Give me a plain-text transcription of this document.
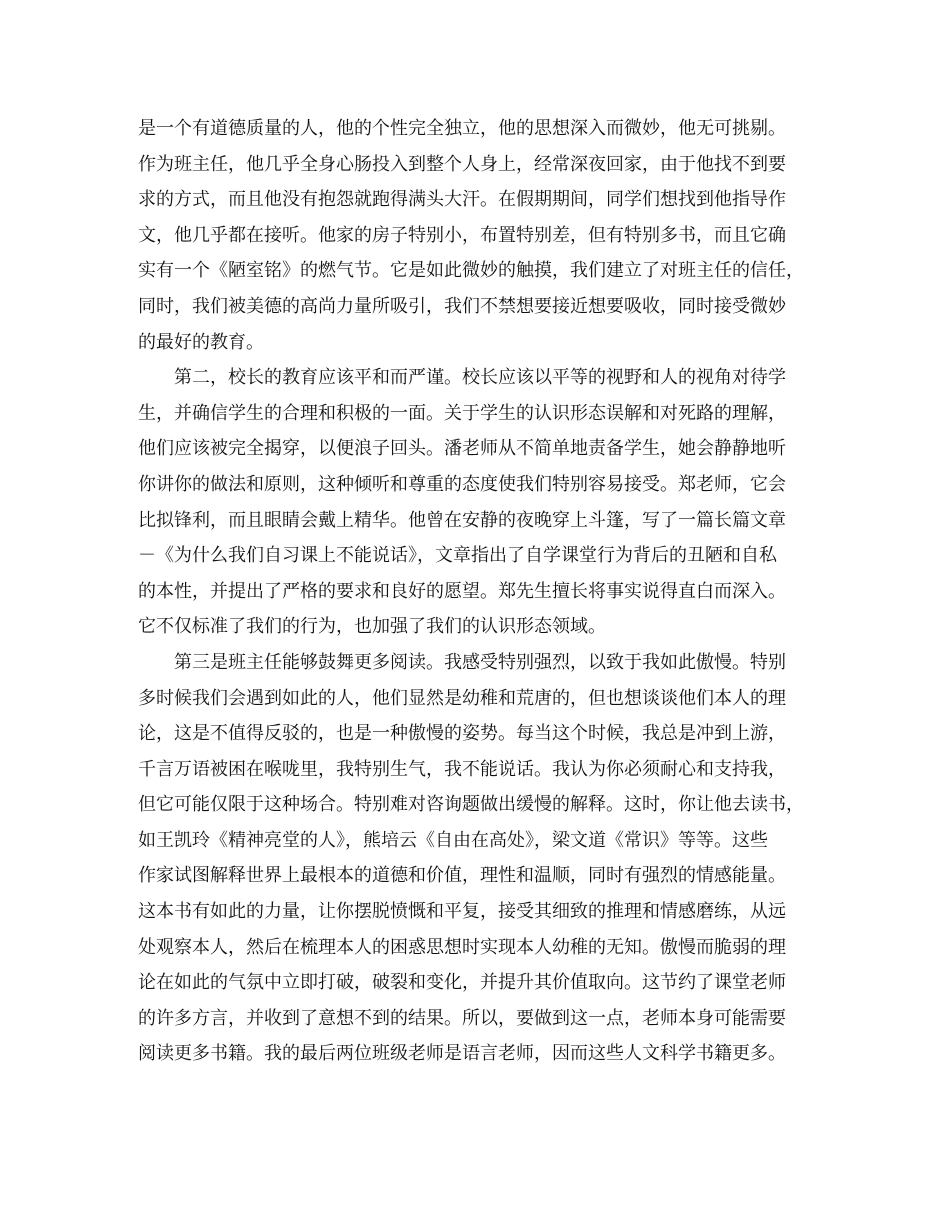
是一个有道德质量的人，他的个性完全独立，他的思想深入而微妙，他无可挑剔。
作为班主任，他几乎全身心肠投入到整个人身上，经常深夜回家，由于他找不到要
求的方式，而且他没有抱怨就跑得满头大汗。在假期期间，同学们想找到他指导作
文，他几乎都在接听。他家的房子特别小，布置特别差，但有特别多书，而且它确
实有一个《陋室铭》的燃气节。它是如此微妙的触摸，我们建立了对班主任的信任，
同时，我们被美德的高尚力量所吸引，我们不禁想要接近想要吸收，同时接受微妙
的最好的教育。
　　第二，校长的教育应该平和而严谨。校长应该以平等的视野和人的视角对待学
生，并确信学生的合理和积极的一面。关于学生的认识形态误解和对死路的理解，
他们应该被完全揭穿，以便浪子回头。潘老师从不简单地责备学生，她会静静地听
你讲你的做法和原则，这种倾听和尊重的态度使我们特别容易接受。郑老师，它会
比拟锋利，而且眼睛会戴上精华。他曾在安静的夜晚穿上斗篷，写了一篇长篇文章
－《为什么我们自习课上不能说话》，文章指出了自学课堂行为背后的丑陋和自私
的本性，并提出了严格的要求和良好的愿望。郑先生擅长将事实说得直白而深入。
它不仅标准了我们的行为，也加强了我们的认识形态领域。
　　第三是班主任能够鼓舞更多阅读。我感受特别强烈，以致于我如此傲慢。特别
多时候我们会遇到如此的人，他们显然是幼稚和荒唐的，但也想谈谈他们本人的理
论，这是不值得反驳的，也是一种傲慢的姿势。每当这个时候，我总是冲到上游，
千言万语被困在喉咙里，我特别生气，我不能说话。我认为你必须耐心和支持我，
但它可能仅限于这种场合。特别难对咨询题做出缓慢的解释。这时，你让他去读书，
如王凯玲《精神亮堂的人》，熊培云《自由在高处》，梁文道《常识》等等。这些
作家试图解释世界上最根本的道德和价值，理性和温顺，同时有强烈的情感能量。
这本书有如此的力量，让你摆脱愤慨和平复，接受其细致的推理和情感磨练，从远
处观察本人，然后在梳理本人的困惑思想时实现本人幼稚的无知。傲慢而脆弱的理
论在如此的气氛中立即打破，破裂和变化，并提升其价值取向。这节约了课堂老师
的许多方言，并收到了意想不到的结果。所以，要做到这一点，老师本身可能需要
阅读更多书籍。我的最后两位班级老师是语言老师，因而这些人文科学书籍更多。
